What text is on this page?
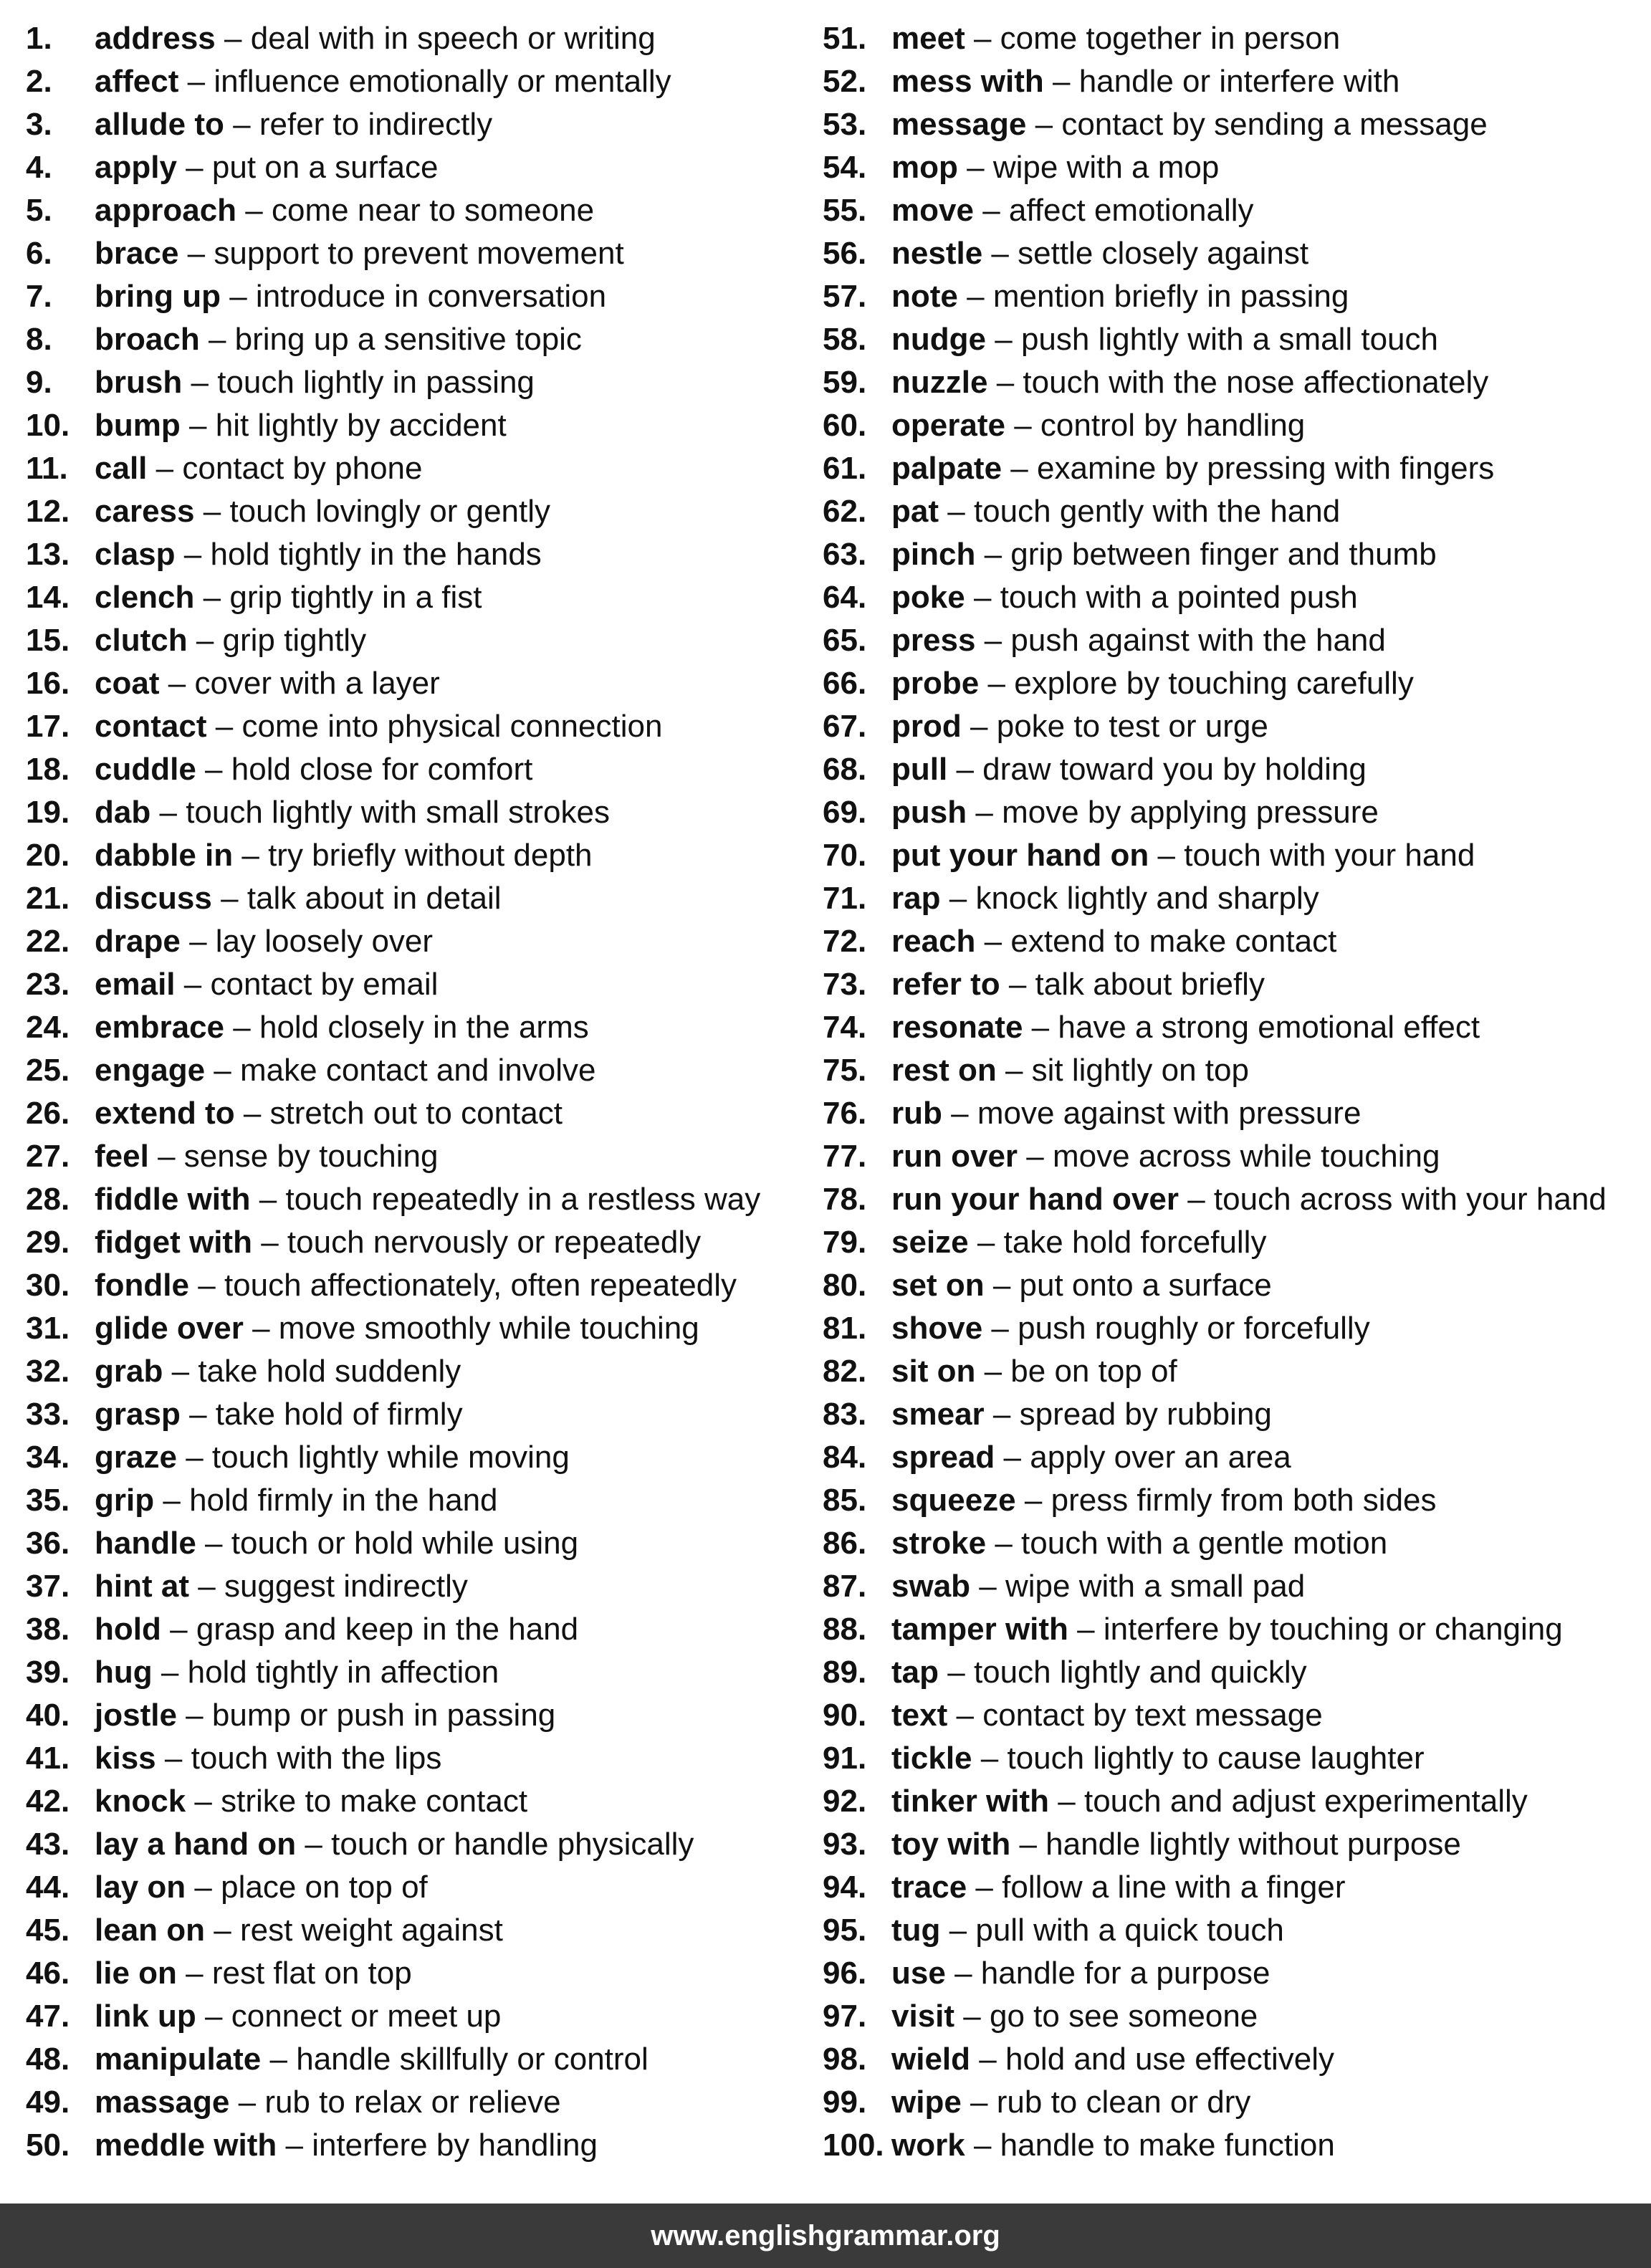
1. address – deal with in speech or writing
2. affect – influence emotionally or mentally
3. allude to – refer to indirectly
4. apply – put on a surface
5. approach – come near to someone
6. brace – support to prevent movement
7. bring up – introduce in conversation
8. broach – bring up a sensitive topic
9. brush – touch lightly in passing
10. bump – hit lightly by accident
11. call – contact by phone
12. caress – touch lovingly or gently
13. clasp – hold tightly in the hands
14. clench – grip tightly in a fist
15. clutch – grip tightly
16. coat – cover with a layer
17. contact – come into physical connection
18. cuddle – hold close for comfort
19. dab – touch lightly with small strokes
20. dabble in – try briefly without depth
21. discuss – talk about in detail
22. drape – lay loosely over
23. email – contact by email
24. embrace – hold closely in the arms
25. engage – make contact and involve
26. extend to – stretch out to contact
27. feel – sense by touching
28. fiddle with – touch repeatedly in a restless way
29. fidget with – touch nervously or repeatedly
30. fondle – touch affectionately, often repeatedly
31. glide over – move smoothly while touching
32. grab – take hold suddenly
33. grasp – take hold of firmly
34. graze – touch lightly while moving
35. grip – hold firmly in the hand
36. handle – touch or hold while using
37. hint at – suggest indirectly
38. hold – grasp and keep in the hand
39. hug – hold tightly in affection
40. jostle – bump or push in passing
41. kiss – touch with the lips
42. knock – strike to make contact
43. lay a hand on – touch or handle physically
44. lay on – place on top of
45. lean on – rest weight against
46. lie on – rest flat on top
47. link up – connect or meet up
48. manipulate – handle skillfully or control
49. massage – rub to relax or relieve
50. meddle with – interfere by handling
51. meet – come together in person
52. mess with – handle or interfere with
53. message – contact by sending a message
54. mop – wipe with a mop
55. move – affect emotionally
56. nestle – settle closely against
57. note – mention briefly in passing
58. nudge – push lightly with a small touch
59. nuzzle – touch with the nose affectionately
60. operate – control by handling
61. palpate – examine by pressing with fingers
62. pat – touch gently with the hand
63. pinch – grip between finger and thumb
64. poke – touch with a pointed push
65. press – push against with the hand
66. probe – explore by touching carefully
67. prod – poke to test or urge
68. pull – draw toward you by holding
69. push – move by applying pressure
70. put your hand on – touch with your hand
71. rap – knock lightly and sharply
72. reach – extend to make contact
73. refer to – talk about briefly
74. resonate – have a strong emotional effect
75. rest on – sit lightly on top
76. rub – move against with pressure
77. run over – move across while touching
78. run your hand over – touch across with your hand
79. seize – take hold forcefully
80. set on – put onto a surface
81. shove – push roughly or forcefully
82. sit on – be on top of
83. smear – spread by rubbing
84. spread – apply over an area
85. squeeze – press firmly from both sides
86. stroke – touch with a gentle motion
87. swab – wipe with a small pad
88. tamper with – interfere by touching or changing
89. tap – touch lightly and quickly
90. text – contact by text message
91. tickle – touch lightly to cause laughter
92. tinker with – touch and adjust experimentally
93. toy with – handle lightly without purpose
94. trace – follow a line with a finger
95. tug – pull with a quick touch
96. use – handle for a purpose
97. visit – go to see someone
98. wield – hold and use effectively
99. wipe – rub to clean or dry
100. work – handle to make function
www.englishgrammar.org
